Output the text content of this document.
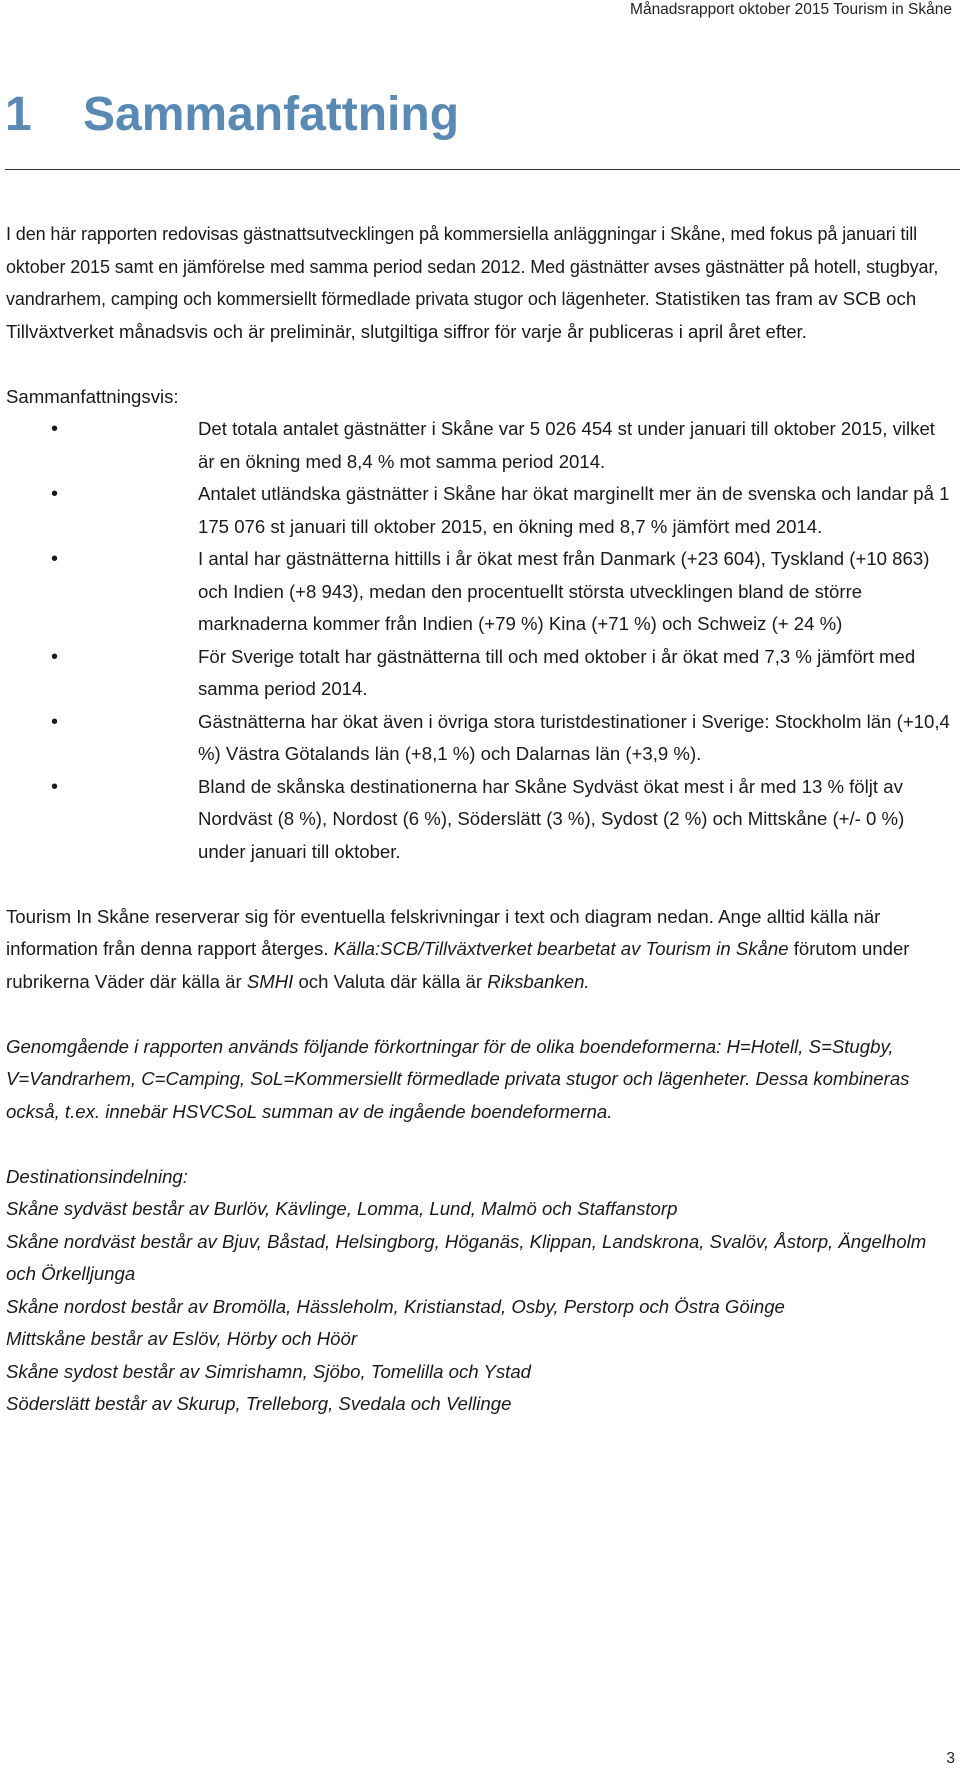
Månadsrapport oktober 2015 Tourism in Skåne
1 Sammanfattning

I den här rapporten redovisas gästnattsutvecklingen på kommersiella anläggningar i Skåne, med fokus på januari till oktober 2015 samt en jämförelse med samma period sedan 2012. Med gästnätter avses gästnätter på hotell, stugbyar, vandrarhem, camping och kommersiellt förmedlade privata stugor och lägenheter. Statistiken tas fram av SCB och Tillväxtverket månadsvis och är preliminär, slutgiltiga siffror för varje år publiceras i april året efter.

Sammanfattningsvis:

•	Det totala antalet gästnätter i Skåne var 5 026 454 st under januari till oktober 2015, vilket är en ökning med 8,4 % mot samma period 2014.
•	Antalet utländska gästnätter i Skåne har ökat marginellt mer än de svenska och landar på 1 175 076 st januari till oktober 2015, en ökning med 8,7 % jämfört med 2014.
•	I antal har gästnätterna hittills i år ökat mest från Danmark (+23 604), Tyskland (+10 863) och Indien (+8 943), medan den procentuellt största utvecklingen bland de större marknaderna kommer från Indien (+79 %) Kina (+71 %) och Schweiz (+ 24 %)
•	För Sverige totalt har gästnätterna till och med oktober i år ökat med 7,3 % jämfört med samma period 2014.
•	Gästnätterna har ökat även i övriga stora turistdestinationer i Sverige: Stockholm län (+10,4 %) Västra Götalands län (+8,1 %) och Dalarnas län (+3,9 %).
•	Bland de skånska destinationerna har Skåne Sydväst ökat mest i år med 13 % följt av Nordväst (8 %), Nordost (6 %), Söderslätt (3 %), Sydost (2 %) och Mittskåne (+/- 0 %) under januari till oktober.

Tourism In Skåne reserverar sig för eventuella felskrivningar i text och diagram nedan. Ange alltid källa när information från denna rapport återges. Källa:SCB/Tillväxtverket bearbetat av Tourism in Skåne förutom under rubrikerna Väder där källa är SMHI och Valuta där källa är Riksbanken.

Genomgående i rapporten används följande förkortningar för de olika boendeformerna: H=Hotell, S=Stugby, V=Vandrarhem, C=Camping, SoL=Kommersiellt förmedlade privata stugor och lägenheter. Dessa kombineras också, t.ex. innebär HSVCSoL summan av de ingående boendeformerna.

Destinationsindelning:

Skåne sydväst består av Burlöv, Kävlinge, Lomma, Lund, Malmö och Staffanstorp

Skåne nordväst består av Bjuv, Båstad, Helsingborg, Höganäs, Klippan, Landskrona, Svalöv, Åstorp, Ängelholm och Örkelljunga

Skåne nordost består av Bromölla, Hässleholm, Kristianstad, Osby, Perstorp och Östra Göinge

Mittskåne består av Eslöv, Hörby och Höör

Skåne sydost består av Simrishamn, Sjöbo, Tomelilla och Ystad

Söderslätt består av Skurup, Trelleborg, Svedala och Vellinge

3
